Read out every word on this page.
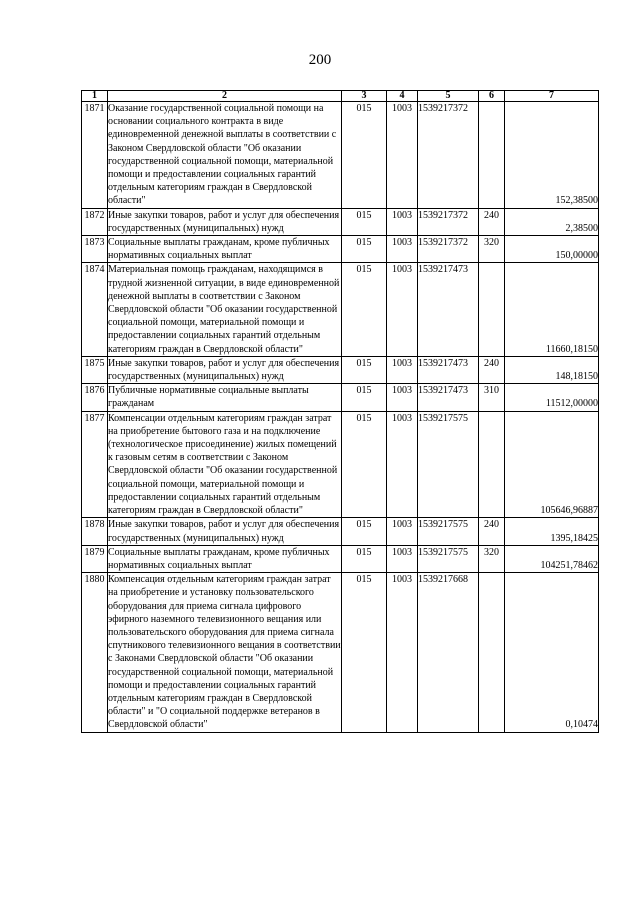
200
1	2	3	4	5	6	7
1871	Оказание государственной социальной помощи на основании социального контракта в виде единовременной денежной выплаты в соответствии с Законом Свердловской области "Об оказании государственной социальной помощи, материальной помощи и предоставлении социальных гарантий отдельным категориям граждан в Свердловской области"	015	1003	1539217372		152,38500
1872	Иные закупки товаров, работ и услуг для обеспечения государственных (муниципальных) нужд	015	1003	1539217372	240	2,38500
1873	Социальные выплаты гражданам, кроме публичных нормативных социальных выплат	015	1003	1539217372	320	150,00000
1874	Материальная помощь гражданам, находящимся в трудной жизненной ситуации, в виде единовременной денежной выплаты в соответствии с Законом Свердловской области "Об оказании государственной социальной помощи, материальной помощи и предоставлении социальных гарантий отдельным категориям граждан в Свердловской области"	015	1003	1539217473		11660,18150
1875	Иные закупки товаров, работ и услуг для обеспечения государственных (муниципальных) нужд	015	1003	1539217473	240	148,18150
1876	Публичные нормативные социальные выплаты гражданам	015	1003	1539217473	310	11512,00000
1877	Компенсации отдельным категориям граждан затрат на приобретение бытового газа и на подключение (технологическое присоединение) жилых помещений к газовым сетям в соответствии с Законом Свердловской области "Об оказании государственной социальной помощи, материальной помощи и предоставлении социальных гарантий отдельным категориям граждан в Свердловской области"	015	1003	1539217575		105646,96887
1878	Иные закупки товаров, работ и услуг для обеспечения государственных (муниципальных) нужд	015	1003	1539217575	240	1395,18425
1879	Социальные выплаты гражданам, кроме публичных нормативных социальных выплат	015	1003	1539217575	320	104251,78462
1880	Компенсация отдельным категориям граждан затрат на приобретение и установку пользовательского оборудования для приема сигнала цифрового эфирного наземного телевизионного вещания или пользовательского оборудования для приема сигнала спутникового телевизионного вещания в соответствии с Законами Свердловской области "Об оказании государственной социальной помощи, материальной помощи и предоставлении социальных гарантий отдельным категориям граждан в Свердловской области" и "О социальной поддержке ветеранов в Свердловской области"	015	1003	1539217668		0,10474
